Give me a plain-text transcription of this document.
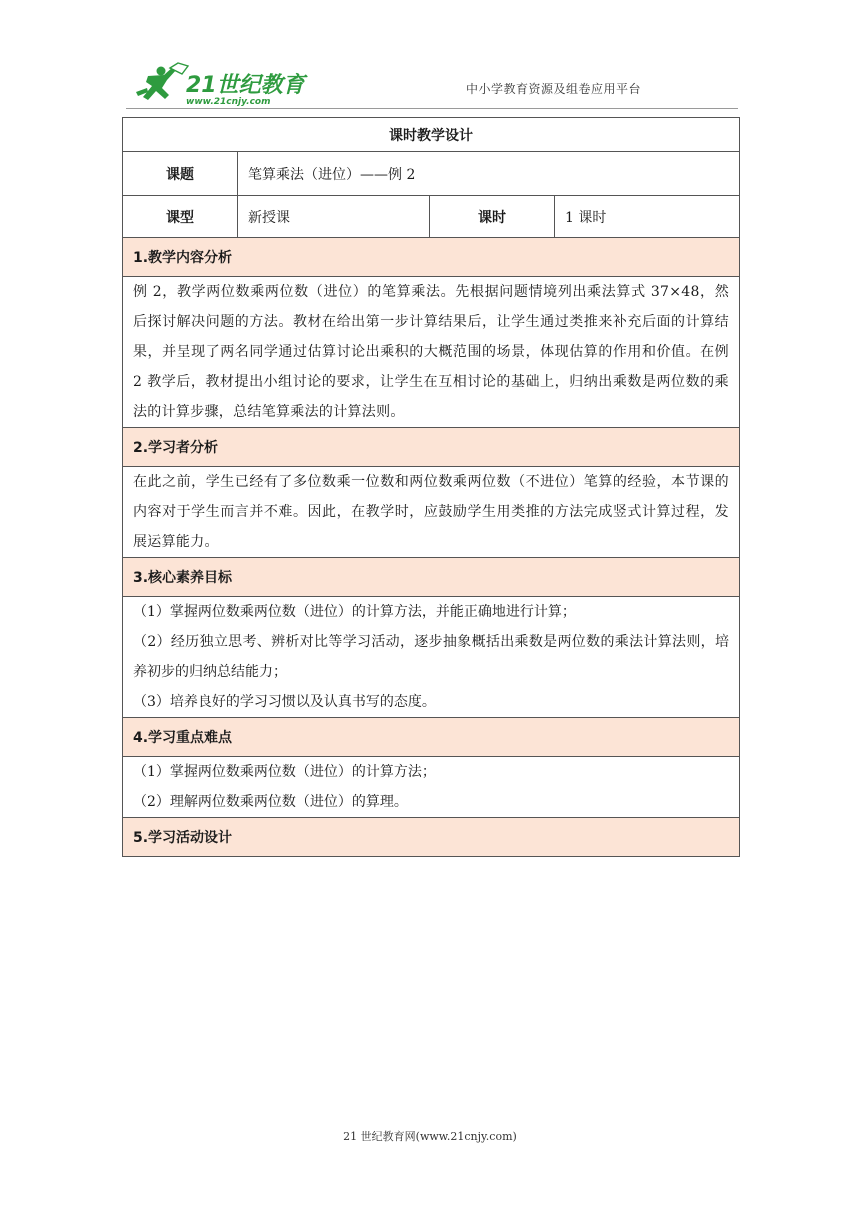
21世纪教育
www.21cnjy.com
中小学教育资源及组卷应用平台
课时教学设计			
课题	笔算乘法（进位）——例 2		
课型	新授课	课时	1 课时
1.教学内容分析			
例 2，教学两位数乘两位数（进位）的笔算乘法。先根据问题情境列出乘法算式 37×48，然后探讨解决问题的方法。教材在给出第一步计算结果后，让学生通过类推来补充后面的计算结果，并呈现了两名同学通过估算讨论出乘积的大概范围的场景，体现估算的作用和价值。在例 2 教学后，教材提出小组讨论的要求，让学生在互相讨论的基础上，归纳出乘数是两位数的乘法的计算步骤，总结笔算乘法的计算法则。			
2.学习者分析			
在此之前，学生已经有了多位数乘一位数和两位数乘两位数（不进位）笔算的经验，本节课的内容对于学生而言并不难。因此，在教学时，应鼓励学生用类推的方法完成竖式计算过程，发展运算能力。			
3.核心素养目标			

（1）掌握两位数乘两位数（进位）的计算方法，并能正确地进行计算；
（2）经历独立思考、辨析对比等学习活动，逐步抽象概括出乘数是两位数的乘法计算法则，培养初步的归纳总结能力；
（3）培养良好的学习习惯以及认真书写的态度。			

4.学习重点难点			

（1）掌握两位数乘两位数（进位）的计算方法；
（2）理解两位数乘两位数（进位）的算理。			

5.学习活动设计			
21 世纪教育网(www.21cnjy.com)
